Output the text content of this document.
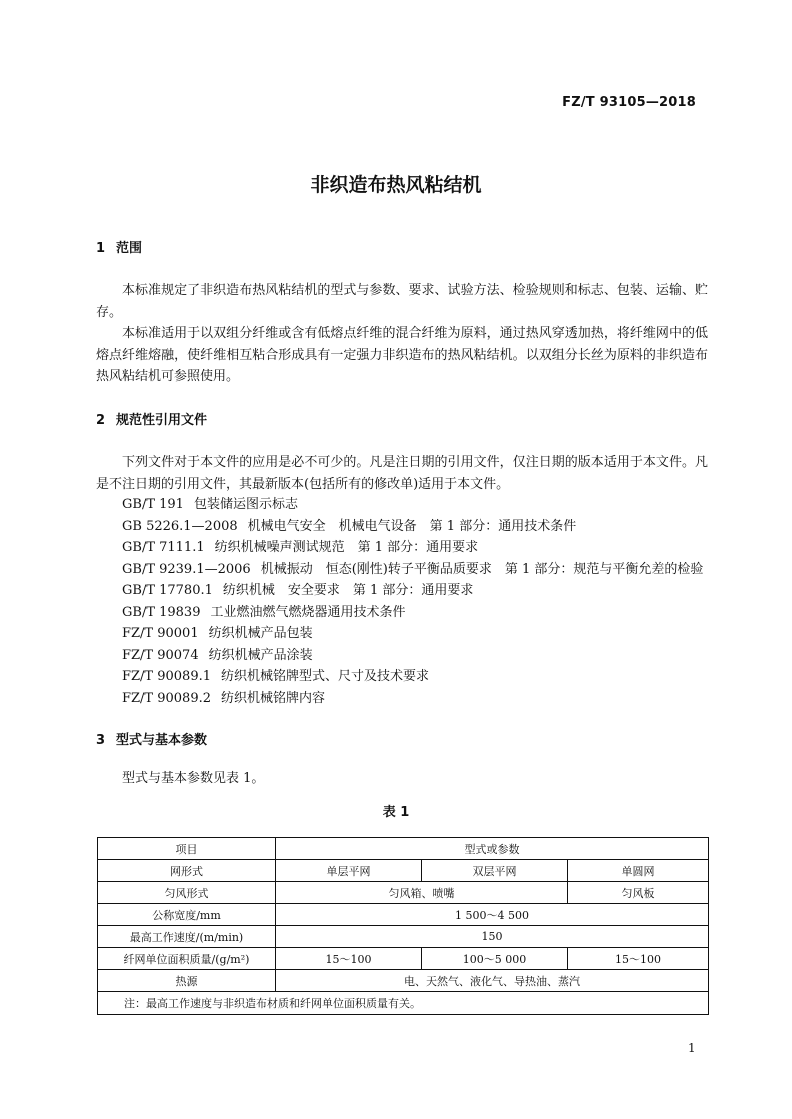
FZ/T 93105—2018
非织造布热风粘结机
1 范围

本标准规定了非织造布热风粘结机的型式与参数、要求、试验方法、检验规则和标志、包装、运输、贮存。

本标准适用于以双组分纤维或含有低熔点纤维的混合纤维为原料，通过热风穿透加热，将纤维网中的低熔点纤维熔融，使纤维相互粘合形成具有一定强力非织造布的热风粘结机。以双组分长丝为原料的非织造布热风粘结机可参照使用。

2 规范性引用文件

下列文件对于本文件的应用是必不可少的。凡是注日期的引用文件，仅注日期的版本适用于本文件。凡是不注日期的引用文件，其最新版本(包括所有的修改单)适用于本文件。

GB/T 191 包装储运图示标志
GB 5226.1—2008 机械电气安全　机械电气设备　第 1 部分：通用技术条件
GB/T 7111.1 纺织机械噪声测试规范　第 1 部分：通用要求
GB/T 9239.1—2006 机械振动　恒态(刚性)转子平衡品质要求　第 1 部分：规范与平衡允差的检验
GB/T 17780.1 纺织机械　安全要求　第 1 部分：通用要求
GB/T 19839 工业燃油燃气燃烧器通用技术条件
FZ/T 90001 纺织机械产品包装
FZ/T 90074 纺织机械产品涂装
FZ/T 90089.1 纺织机械铭牌型式、尺寸及技术要求
FZ/T 90089.2 纺织机械铭牌内容
3 型式与基本参数

型式与基本参数见表 1。

表 1
项目	型式或参数		
网形式	单层平网	双层平网	单圆网
匀风形式	匀风箱、喷嘴		匀风板
公称宽度/mm	1 500～4 500		
最高工作速度/(m/min)	150		
纤网单位面积质量/(g/m²)	15～100	100～5 000	15～100
热源	电、天然气、液化气、导热油、蒸汽		
注：最高工作速度与非织造布材质和纤网单位面积质量有关。			
1
